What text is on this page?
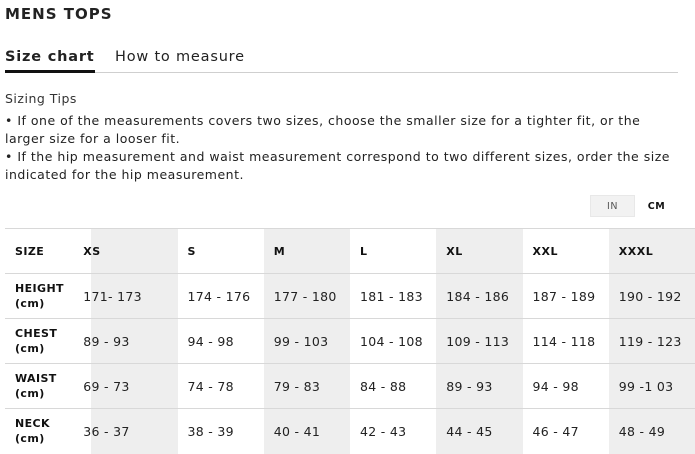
MENS TOPS
Size chart How to measure
Sizing Tips

• If one of the measurements covers two sizes, choose the smaller size for a tighter fit, or the larger size for a looser fit.

• If the hip measurement and waist measurement correspond to two different sizes, order the size indicated for the hip measurement.

IN	CM
SIZE	XS	S	M	L	XL	XXL	XXXL
HEIGHT
(cm)	171- 173	174 - 176	177 - 180	181 - 183	184 - 186	187 - 189	190 - 192
CHEST
(cm)	89 - 93	94 - 98	99 - 103	104 - 108	109 - 113	114 - 118	119 - 123
WAIST
(cm)	69 - 73	74 - 78	79 - 83	84 - 88	89 - 93	94 - 98	99 -1 03
NECK
(cm)	36 - 37	38 - 39	40 - 41	42 - 43	44 - 45	46 - 47	48 - 49
